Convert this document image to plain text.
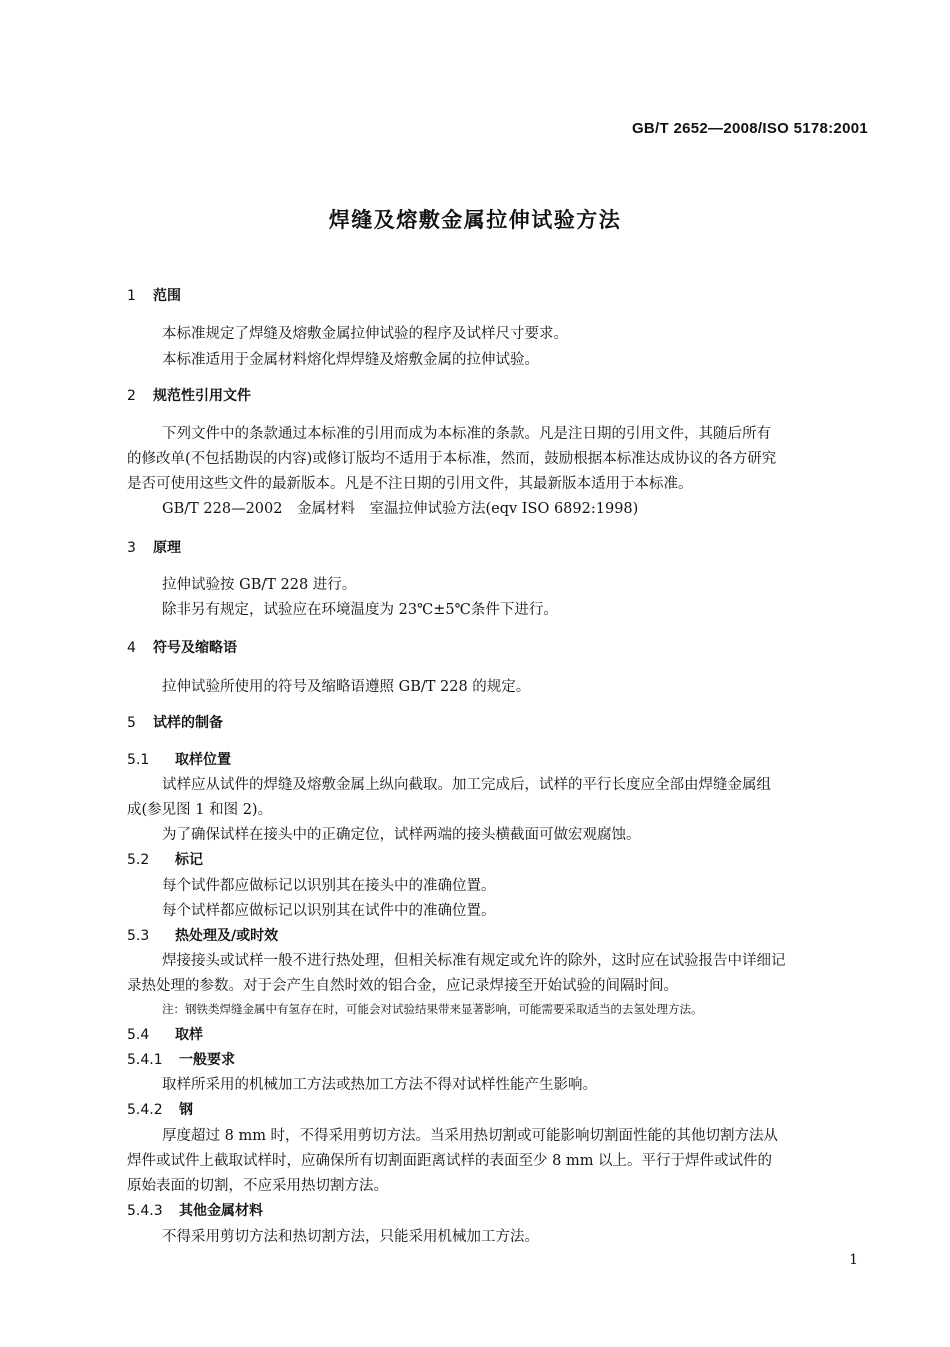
GB/T 2652—2008/ISO 5178:2001
焊缝及熔敷金属拉伸试验方法
1 范围
本标准规定了焊缝及熔敷金属拉伸试验的程序及试样尺寸要求。
本标准适用于金属材料熔化焊焊缝及熔敷金属的拉伸试验。
2 规范性引用文件
下列文件中的条款通过本标准的引用而成为本标准的条款。凡是注日期的引用文件，其随后所有
的修改单(不包括勘误的内容)或修订版均不适用于本标准，然而，鼓励根据本标准达成协议的各方研究
是否可使用这些文件的最新版本。凡是不注日期的引用文件，其最新版本适用于本标准。
GB/T 228—2002　金属材料　室温拉伸试验方法(eqv ISO 6892:1998)
3 原理
拉伸试验按 GB/T 228 进行。
除非另有规定，试验应在环境温度为 23℃±5℃条件下进行。
4 符号及缩略语
拉伸试验所使用的符号及缩略语遵照 GB/T 228 的规定。
5 试样的制备
5.1 取样位置
试样应从试件的焊缝及熔敷金属上纵向截取。加工完成后，试样的平行长度应全部由焊缝金属组
成(参见图 1 和图 2)。
为了确保试样在接头中的正确定位，试样两端的接头横截面可做宏观腐蚀。
5.2 标记
每个试件都应做标记以识别其在接头中的准确位置。
每个试样都应做标记以识别其在试件中的准确位置。
5.3 热处理及/或时效
焊接接头或试样一般不进行热处理，但相关标准有规定或允许的除外，这时应在试验报告中详细记
录热处理的参数。对于会产生自然时效的铝合金，应记录焊接至开始试验的间隔时间。
注：钢铁类焊缝金属中有氢存在时，可能会对试验结果带来显著影响，可能需要采取适当的去氢处理方法。
5.4 取样
5.4.1 一般要求
取样所采用的机械加工方法或热加工方法不得对试样性能产生影响。
5.4.2 钢
厚度超过 8 mm 时，不得采用剪切方法。当采用热切割或可能影响切割面性能的其他切割方法从
焊件或试件上截取试样时，应确保所有切割面距离试样的表面至少 8 mm 以上。平行于焊件或试件的
原始表面的切割，不应采用热切割方法。
5.4.3 其他金属材料
不得采用剪切方法和热切割方法，只能采用机械加工方法。
1
